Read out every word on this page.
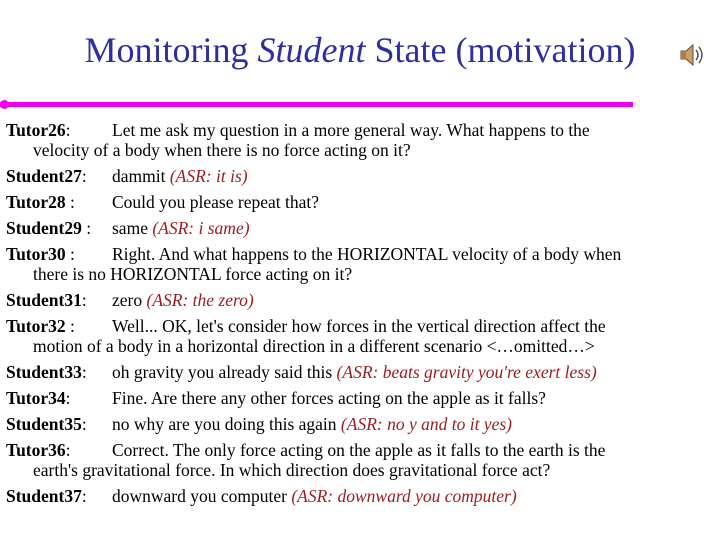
Monitoring Student State (motivation)
Tutor26:	Let me ask my question in a more general way. What happens to the
velocity of a body when there is no force acting on it?
Student27:	dammit (ASR: it is)
Tutor28 :	Could you please repeat that?
Student29 :	same (ASR: i same)
Tutor30 :	Right. And what happens to the HORIZONTAL velocity of a body when
there is no HORIZONTAL force acting on it?
Student31:	zero (ASR: the zero)
Tutor32 :	Well... OK, let's consider how forces in the vertical direction affect the
motion of a body in a horizontal direction in a different scenario <…omitted…>
Student33:	oh gravity you already said this (ASR: beats gravity you're exert less)
Tutor34:	Fine. Are there any other forces acting on the apple as it falls?
Student35:	no why are you doing this again (ASR: no y and to it yes)
Tutor36:	Correct. The only force acting on the apple as it falls to the earth is the
earth's gravitational force. In which direction does gravitational force act?
Student37:	downward you computer (ASR: downward you computer)
